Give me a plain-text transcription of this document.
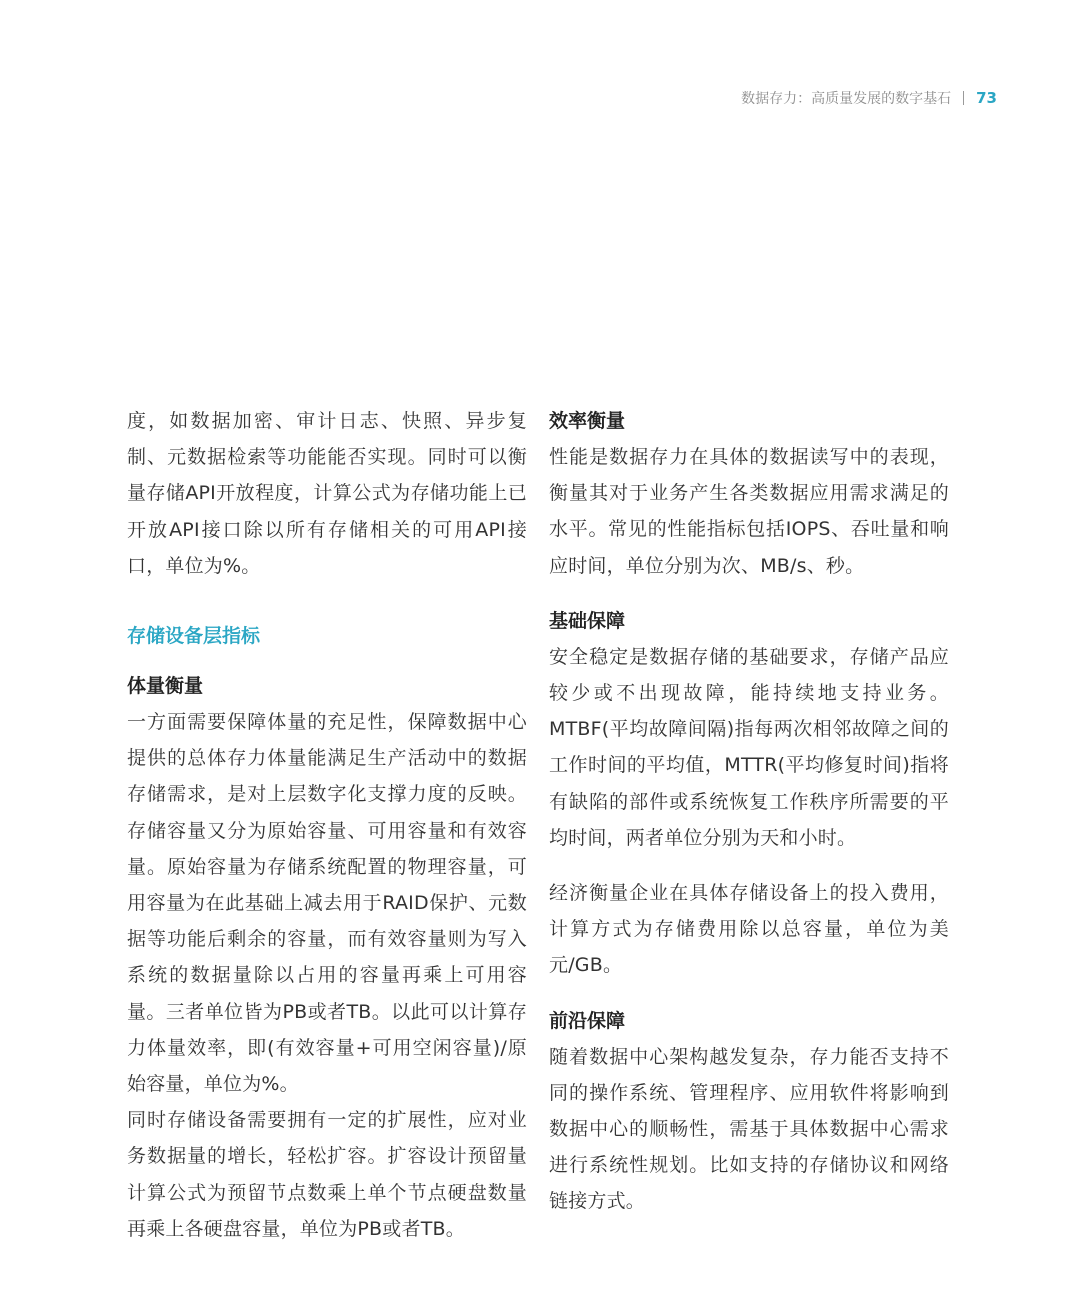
数据存力：高质量发展的数字基石 73

度，如数据加密、审计日志、快照、异步复制、元数据检索等功能能否实现。同时可以衡量存储API开放程度，计算公式为存储功能上已开放API接口除以所有存储相关的可用API接口，单位为%。

存储设备层指标
体量衡量

一方面需要保障体量的充足性，保障数据中心提供的总体存力体量能满足生产活动中的数据存储需求，是对上层数字化支撑力度的反映。存储容量又分为原始容量、可用容量和有效容量。原始容量为存储系统配置的物理容量，可用容量为在此基础上减去用于RAID保护、元数据等功能后剩余的容量，而有效容量则为写入系统的数据量除以占用的容量再乘上可用容量。三者单位皆为PB或者TB。以此可以计算存力体量效率，即(有效容量+可用空闲容量)/原始容量，单位为%。

同时存储设备需要拥有一定的扩展性，应对业务数据量的增长，轻松扩容。扩容设计预留量计算公式为预留节点数乘上单个节点硬盘数量再乘上各硬盘容量，单位为PB或者TB。

效率衡量

性能是数据存力在具体的数据读写中的表现，衡量其对于业务产生各类数据应用需求满足的水平。常见的性能指标包括IOPS、吞吐量和响应时间，单位分别为次、MB/s、秒。

基础保障

安全稳定是数据存储的基础要求，存储产品应较少或不出现故障，能持续地支持业务。MTBF(平均故障间隔)指每两次相邻故障之间的工作时间的平均值，MTTR(平均修复时间)指将有缺陷的部件或系统恢复工作秩序所需要的平均时间，两者单位分别为天和小时。

经济衡量企业在具体存储设备上的投入费用，计算方式为存储费用除以总容量，单位为美元/GB。

前沿保障

随着数据中心架构越发复杂，存力能否支持不同的操作系统、管理程序、应用软件将影响到数据中心的顺畅性，需基于具体数据中心需求进行系统性规划。比如支持的存储协议和网络链接方式。
